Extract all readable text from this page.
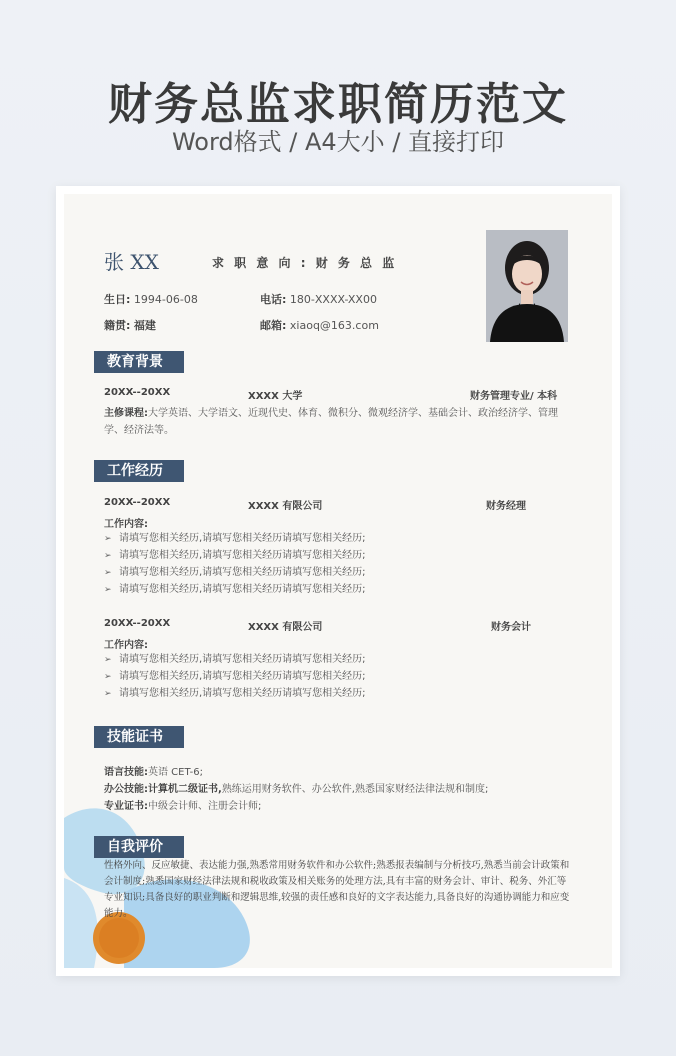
财务总监求职简历范文
Word格式 / A4大小 / 直接打印
张 XX	求 职 意 向 : 财 务 总 监
生日: 1994-06-08	电话: 180-XXXX-XX00
籍贯: 福建	邮箱: xiaoq@163.com
教育背景
20XX--20XX	XXXX 大学	财务管理专业/ 本科
主修课程:大学英语、大学语文、近现代史、体育、微积分、微观经济学、基础会计、政治经济学、管理
学、经济法等。
工作经历
20XX--20XX	XXXX 有限公司	财务经理
工作内容:
➢ 请填写您相关经历,请填写您相关经历请填写您相关经历;
➢ 请填写您相关经历,请填写您相关经历请填写您相关经历;
➢ 请填写您相关经历,请填写您相关经历请填写您相关经历;
➢ 请填写您相关经历,请填写您相关经历请填写您相关经历;
20XX--20XX	XXXX 有限公司	财务会计
工作内容:
➢ 请填写您相关经历,请填写您相关经历请填写您相关经历;
➢ 请填写您相关经历,请填写您相关经历请填写您相关经历;
➢ 请填写您相关经历,请填写您相关经历请填写您相关经历;
技能证书
语言技能:英语 CET-6;
办公技能:计算机二级证书,熟练运用财务软件、办公软件,熟悉国家财经法律法规和制度;
专业证书:中级会计师、注册会计师;
自我评价
性格外向、反应敏捷、表达能力强,熟悉常用财务软件和办公软件;熟悉报表编制与分析技巧,熟悉当前会计政策和会计制度;熟悉国家财经法律法规和税收政策及相关账务的处理方法,具有丰富的财务会计、审计、税务、外汇等专业知识;具备良好的职业判断和逻辑思维,较强的责任感和良好的文字表达能力,具备良好的沟通协调能力和应变能力。
